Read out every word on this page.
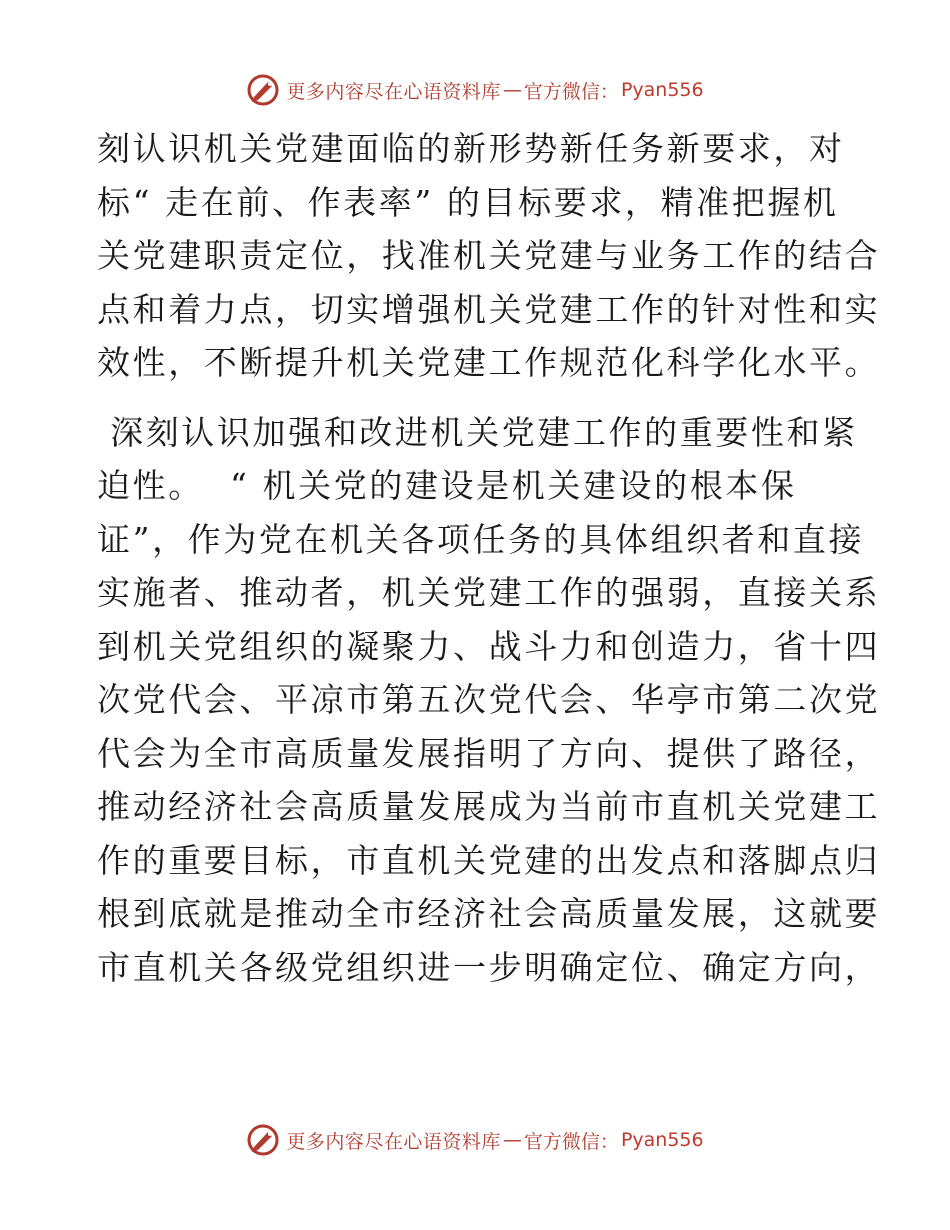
更多内容尽在心语资料库 — 官方微信： Pyan556
刻认识机关党建面临的新形势新任务新要求，对
标“ 走在前、作表率” 的目标要求，精准把握机
关党建职责定位，找准机关党建与业务工作的结合
点和着力点，切实增强机关党建工作的针对性和实
效性，不断提升机关党建工作规范化科学化水平。
深刻认识加强和改进机关党建工作的重要性和紧
迫性。  “ 机关党的建设是机关建设的根本保
证”，作为党在机关各项任务的具体组织者和直接
实施者、推动者，机关党建工作的强弱，直接关系
到机关党组织的凝聚力、战斗力和创造力，省十四
次党代会、平凉市第五次党代会、华亭市第二次党
代会为全市高质量发展指明了方向、提供了路径，
推动经济社会高质量发展成为当前市直机关党建工
作的重要目标，市直机关党建的出发点和落脚点归
根到底就是推动全市经济社会高质量发展，这就要
市直机关各级党组织进一步明确定位、确定方向，
更多内容尽在心语资料库 — 官方微信： Pyan556
